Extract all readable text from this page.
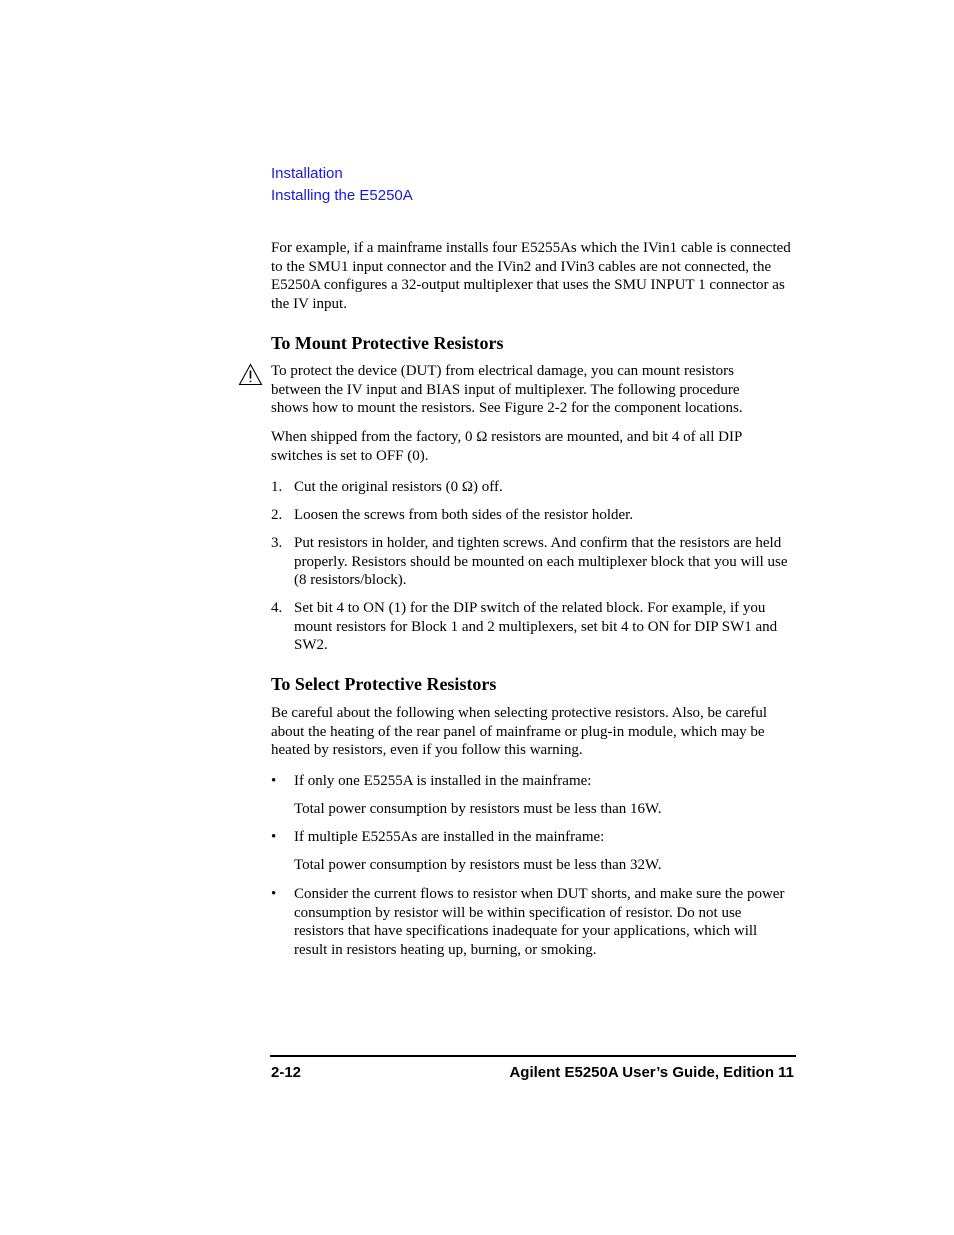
Installation
Installing the E5250A
For example, if a mainframe installs four E5255As which the IVin1 cable is connected to the SMU1 input connector and the IVin2 and IVin3 cables are not connected, the E5250A configures a 32-output multiplexer that uses the SMU INPUT 1 connector as the IV input.
To Mount Protective Resistors
To protect the device (DUT) from electrical damage, you can mount resistors between the IV input and BIAS input of multiplexer. The following procedure shows how to mount the resistors. See Figure 2-2 for the component locations.
When shipped from the factory, 0 Ω resistors are mounted, and bit 4 of all DIP switches is set to OFF (0).
1. Cut the original resistors (0 Ω) off.
2. Loosen the screws from both sides of the resistor holder.
3. Put resistors in holder, and tighten screws. And confirm that the resistors are held properly. Resistors should be mounted on each multiplexer block that you will use (8 resistors/block).
4. Set bit 4 to ON (1) for the DIP switch of the related block. For example, if you mount resistors for Block 1 and 2 multiplexers, set bit 4 to ON for DIP SW1 and SW2.
To Select Protective Resistors
Be careful about the following when selecting protective resistors. Also, be careful about the heating of the rear panel of mainframe or plug-in module, which may be heated by resistors, even if you follow this warning.
• If only one E5255A is installed in the mainframe:
Total power consumption by resistors must be less than 16W.
• If multiple E5255As are installed in the mainframe:
Total power consumption by resistors must be less than 32W.
• Consider the current flows to resistor when DUT shorts, and make sure the power consumption by resistor will be within specification of resistor. Do not use resistors that have specifications inadequate for your applications, which will result in resistors heating up, burning, or smoking.
2-12	Agilent E5250A User’s Guide, Edition 11
